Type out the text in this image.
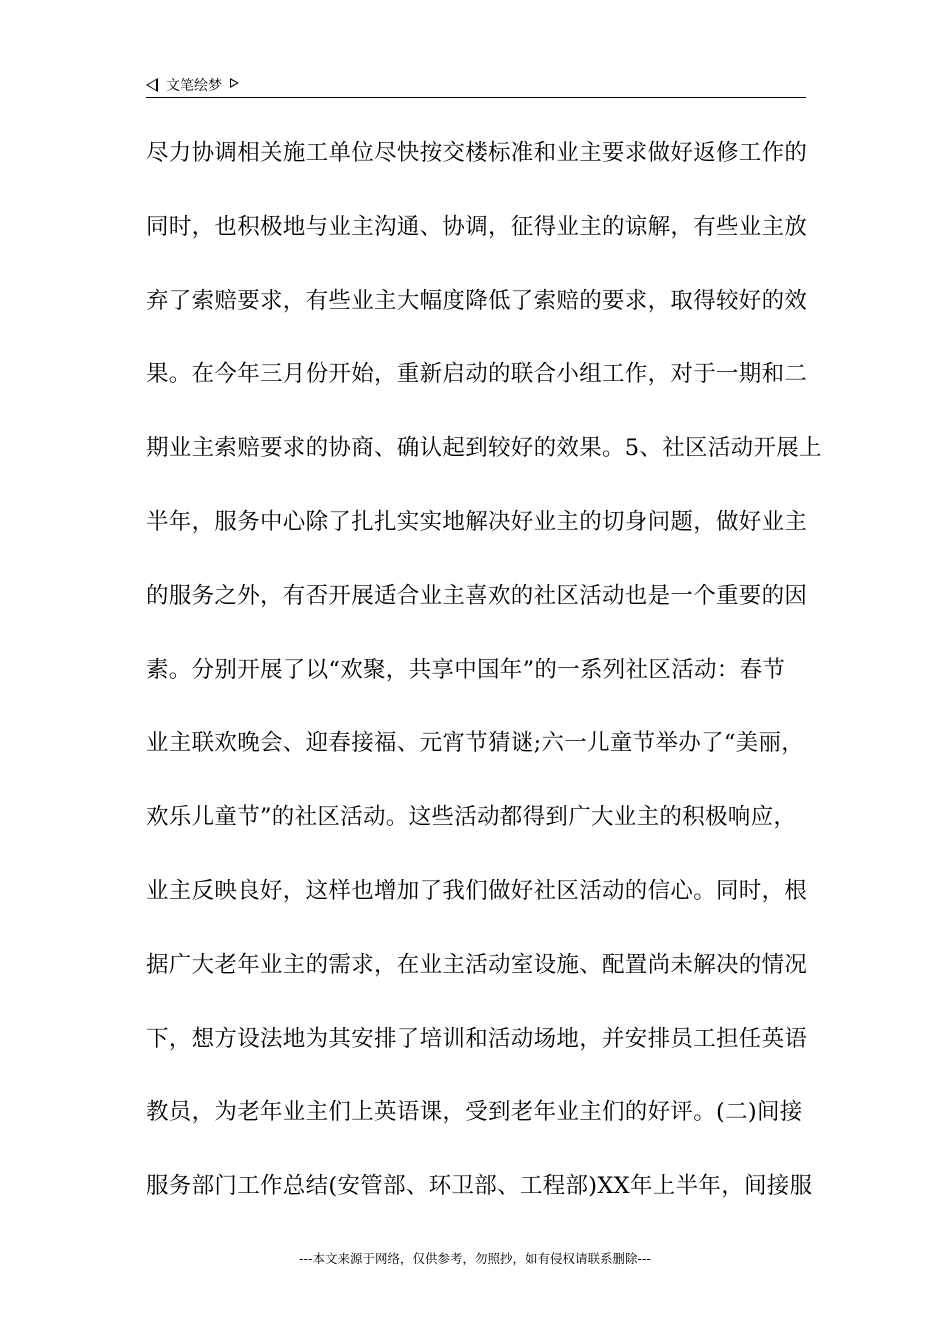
文笔绘梦
尽力协调相关施工单位尽快按交楼标准和业主要求做好返修工作的
同时，也积极地与业主沟通、协调，征得业主的谅解，有些业主放
弃了索赔要求，有些业主大幅度降低了索赔的要求，取得较好的效
果。在今年三月份开始，重新启动的联合小组工作，对于一期和二
期业主索赔要求的协商、确认起到较好的效果。5、社区活动开展上
半年，服务中心除了扎扎实实地解决好业主的切身问题，做好业主
的服务之外，有否开展适合业主喜欢的社区活动也是一个重要的因
素。分别开展了以“欢聚，共享中国年”的一系列社区活动：春节
业主联欢晚会、迎春接福、元宵节猜谜;六一儿童节举办了“美丽，
欢乐儿童节”的社区活动。这些活动都得到广大业主的积极响应，
业主反映良好，这样也增加了我们做好社区活动的信心。同时，根
据广大老年业主的需求，在业主活动室设施、配置尚未解决的情况
下，想方设法地为其安排了培训和活动场地，并安排员工担任英语
教员，为老年业主们上英语课，受到老年业主们的好评。(二)间接
服务部门工作总结(安管部、环卫部、工程部)XX年上半年，间接服
---本文来源于网络，仅供参考，勿照抄，如有侵权请联系删除---
